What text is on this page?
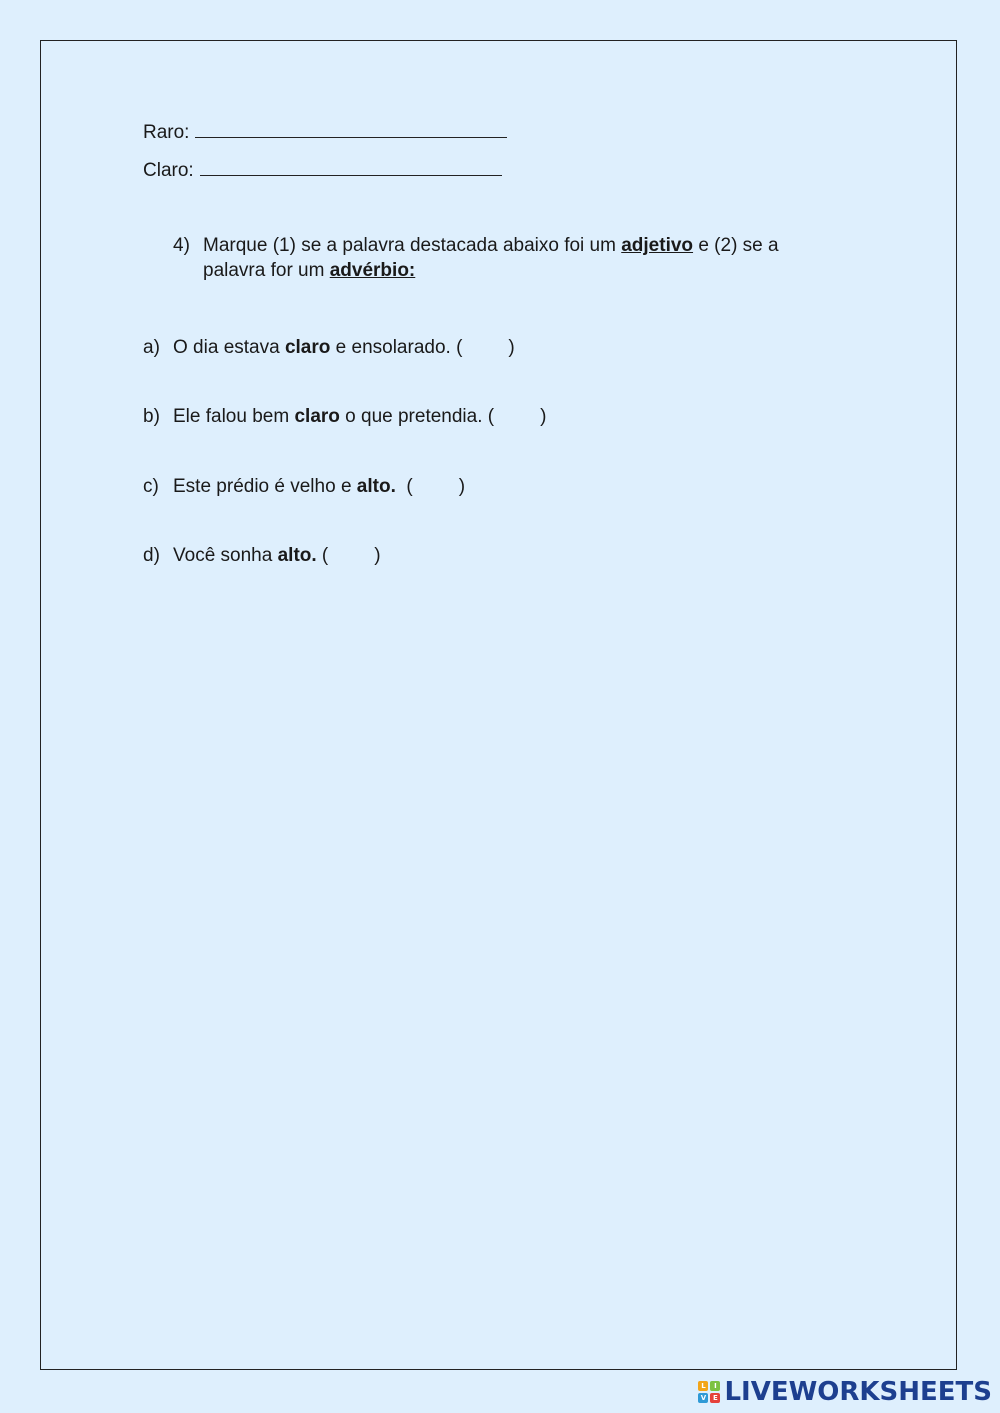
Raro:
Claro:
4) Marque (1) se a palavra destacada abaixo foi um adjetivo e (2) se a
palavra for um advérbio:
a) O dia estava claro e ensolarado. ( )
b) Ele falou bem claro o que pretendia. ( )
c) Este prédio é velho e alto.  ( )
d) Você sonha alto. ( )
L	I
V E LIVEWORKSHEETS
